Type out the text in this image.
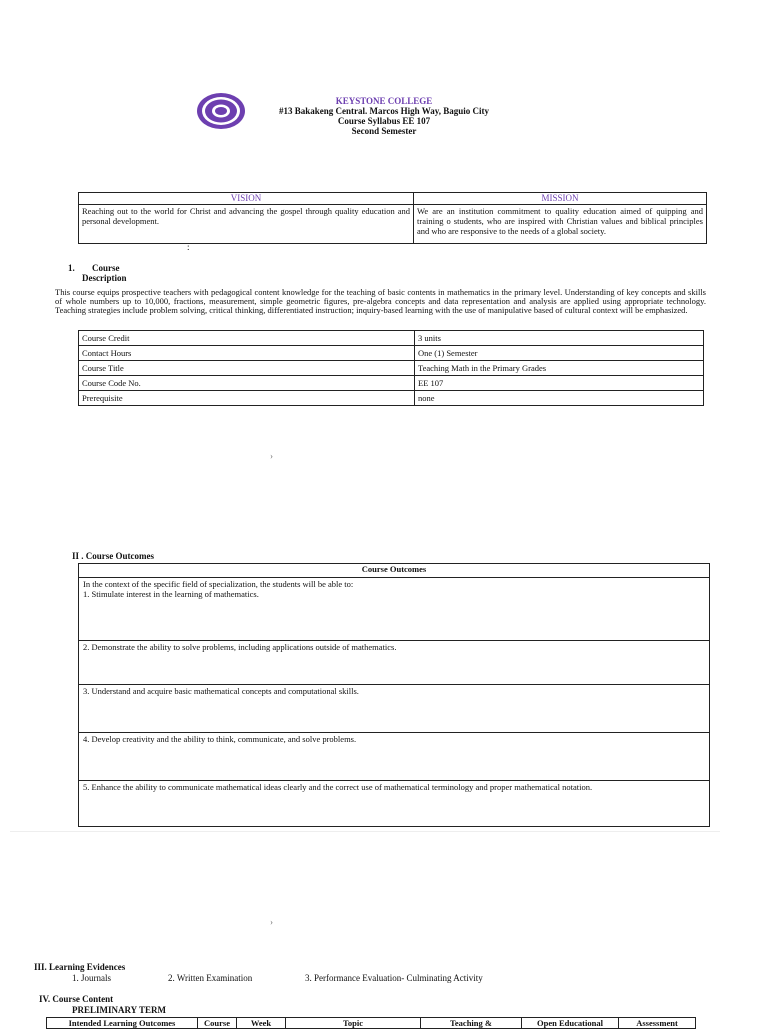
KEYSTONE COLLEGE
#13 Bakakeng Central. Marcos High Way, Baguio City
Course Syllabus EE 107
Second Semester
VISION	MISSION
Reaching out to the world for Christ and advancing the gospel through quality education and personal development.	We are an institution commitment to quality education aimed of quipping and training o students, who are inspired with Christian values and biblical principles and who are responsive to the needs of a global society.
:
1. Course
Description
This course equips prospective teachers with pedagogical content knowledge for the teaching of basic contents in mathematics in the primary level. Understanding of key concepts and skills of whole numbers up to 10,000, fractions, measurement, simple geometric figures, pre-algebra concepts and data representation and analysis are applied using appropriate technology. Teaching strategies include problem solving, critical thinking, differentiated instruction; inquiry-based learning with the use of manipulative based of cultural context will be emphasized.
Course Credit	3 units
Contact Hours	One (1) Semester
Course Title	Teaching Math in the Primary Grades
Course Code No.	EE 107
Prerequisite	none
›
II . Course Outcomes
Course Outcomes

In the context of the specific field of specialization, the students will be able to:
1. Stimulate interest in the learning of mathematics.

2. Demonstrate the ability to solve problems, including applications outside of mathematics.
3. Understand and acquire basic mathematical concepts and computational skills.
4. Develop creativity and the ability to think, communicate, and solve problems.
5. Enhance the ability to communicate mathematical ideas clearly and the correct use of mathematical terminology and proper mathematical notation.
›
III. Learning Evidences
1. Journals	2. Written Examination	3. Performance Evaluation- Culminating Activity
IV. Course Content
PRELIMINARY TERM
Intended Learning Outcomes	Course	Week	Topic	Teaching &	Open Educational	Assessment
